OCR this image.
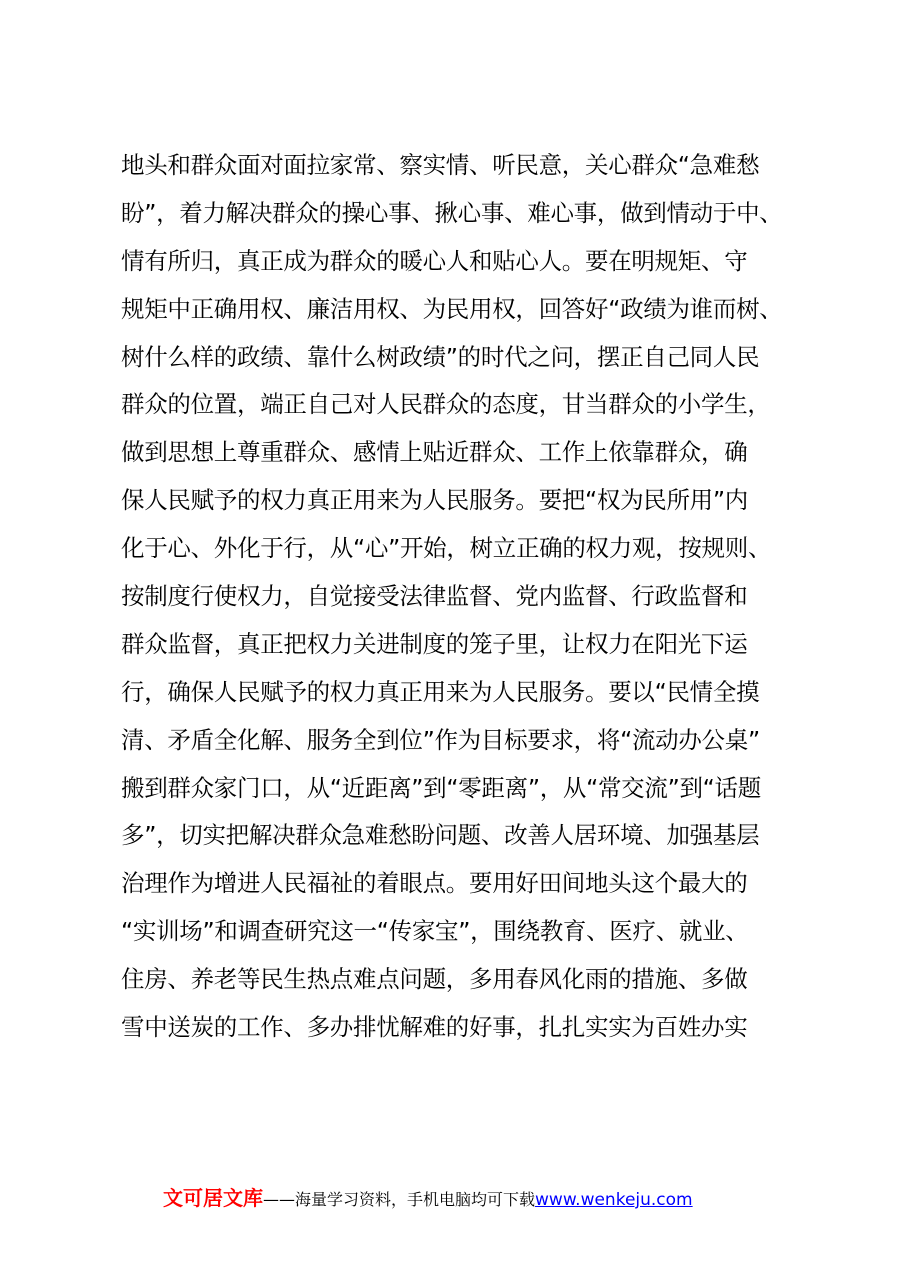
地头和群众面对面拉家常、察实情、听民意，关心群众“急难愁
盼”，着力解决群众的操心事、揪心事、难心事，做到情动于中、
情有所归，真正成为群众的暖心人和贴心人。要在明规矩、守
规矩中正确用权、廉洁用权、为民用权，回答好“政绩为谁而树、
树什么样的政绩、靠什么树政绩”的时代之问，摆正自己同人民
群众的位置，端正自己对人民群众的态度，甘当群众的小学生，
做到思想上尊重群众、感情上贴近群众、工作上依靠群众，确
保人民赋予的权力真正用来为人民服务。要把“权为民所用”内
化于心、外化于行，从“心”开始，树立正确的权力观，按规则、
按制度行使权力，自觉接受法律监督、党内监督、行政监督和
群众监督，真正把权力关进制度的笼子里，让权力在阳光下运
行，确保人民赋予的权力真正用来为人民服务。要以“民情全摸
清、矛盾全化解、服务全到位”作为目标要求，将“流动办公桌”
搬到群众家门口，从“近距离”到“零距离”，从“常交流”到“话题
多”，切实把解决群众急难愁盼问题、改善人居环境、加强基层
治理作为增进人民福祉的着眼点。要用好田间地头这个最大的
“实训场”和调查研究这一“传家宝”，围绕教育、医疗、就业、
住房、养老等民生热点难点问题，多用春风化雨的措施、多做
雪中送炭的工作、多办排忧解难的好事，扎扎实实为百姓办实
文可居文库——海量学习资料，手机电脑均可下载www.wenkeju.com
